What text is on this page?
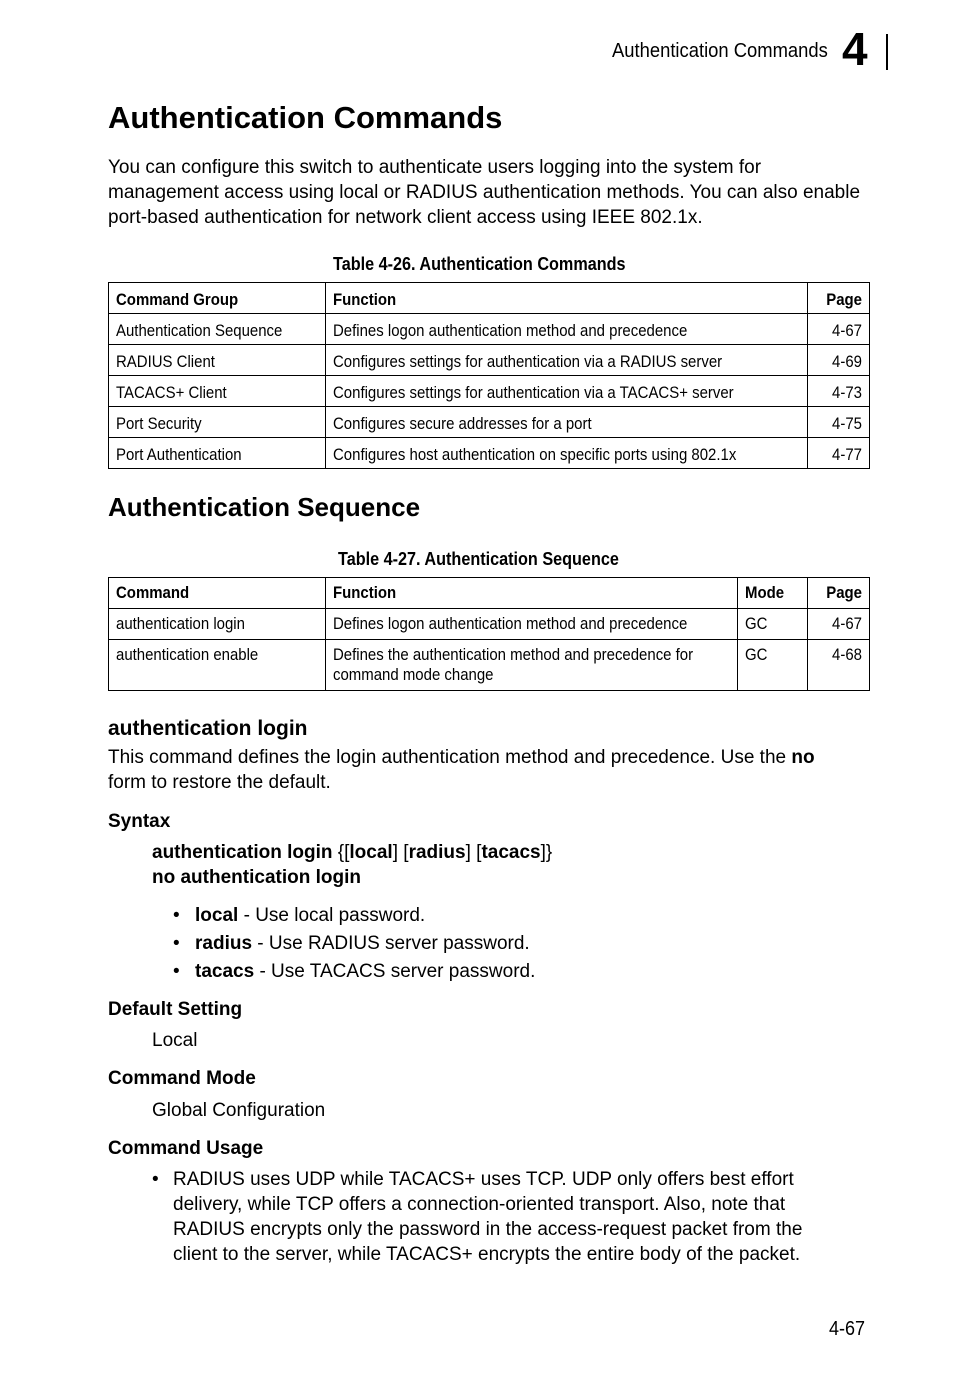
Authentication Commands 4
Authentication Commands
You can configure this switch to authenticate users logging into the system for management access using local or RADIUS authentication methods. You can also enable port-based authentication for network client access using IEEE 802.1x.
Table 4-26. Authentication Commands
Command Group	Function	Page

Authentication Sequence	Defines logon authentication method and precedence	4-67

RADIUS Client	Configures settings for authentication via a RADIUS server	4-69

TACACS+ Client	Configures settings for authentication via a TACACS+ server	4-73

Port Security	Configures secure addresses for a port	4-75

Port Authentication	Configures host authentication on specific ports using 802.1x	4-77
Authentication Sequence
Table 4-27. Authentication Sequence
Command	Function	Mode	Page

authentication login	Defines logon authentication method and precedence	GC	4-67

authentication enable	Defines the authentication method and precedence for
command mode change	GC	4-68
authentication login
This command defines the login authentication method and precedence. Use the no
form to restore the default.
Syntax
authentication login {[local] [radius] [tacacs]}
no authentication login
• local - Use local password.
• radius - Use RADIUS server password.
• tacacs - Use TACACS server password.
Default Setting
Local
Command Mode
Global Configuration
Command Usage
• RADIUS uses UDP while TACACS+ uses TCP. UDP only offers best effort
delivery, while TCP offers a connection-oriented transport. Also, note that
RADIUS encrypts only the password in the access-request packet from the
client to the server, while TACACS+ encrypts the entire body of the packet.
4-67
